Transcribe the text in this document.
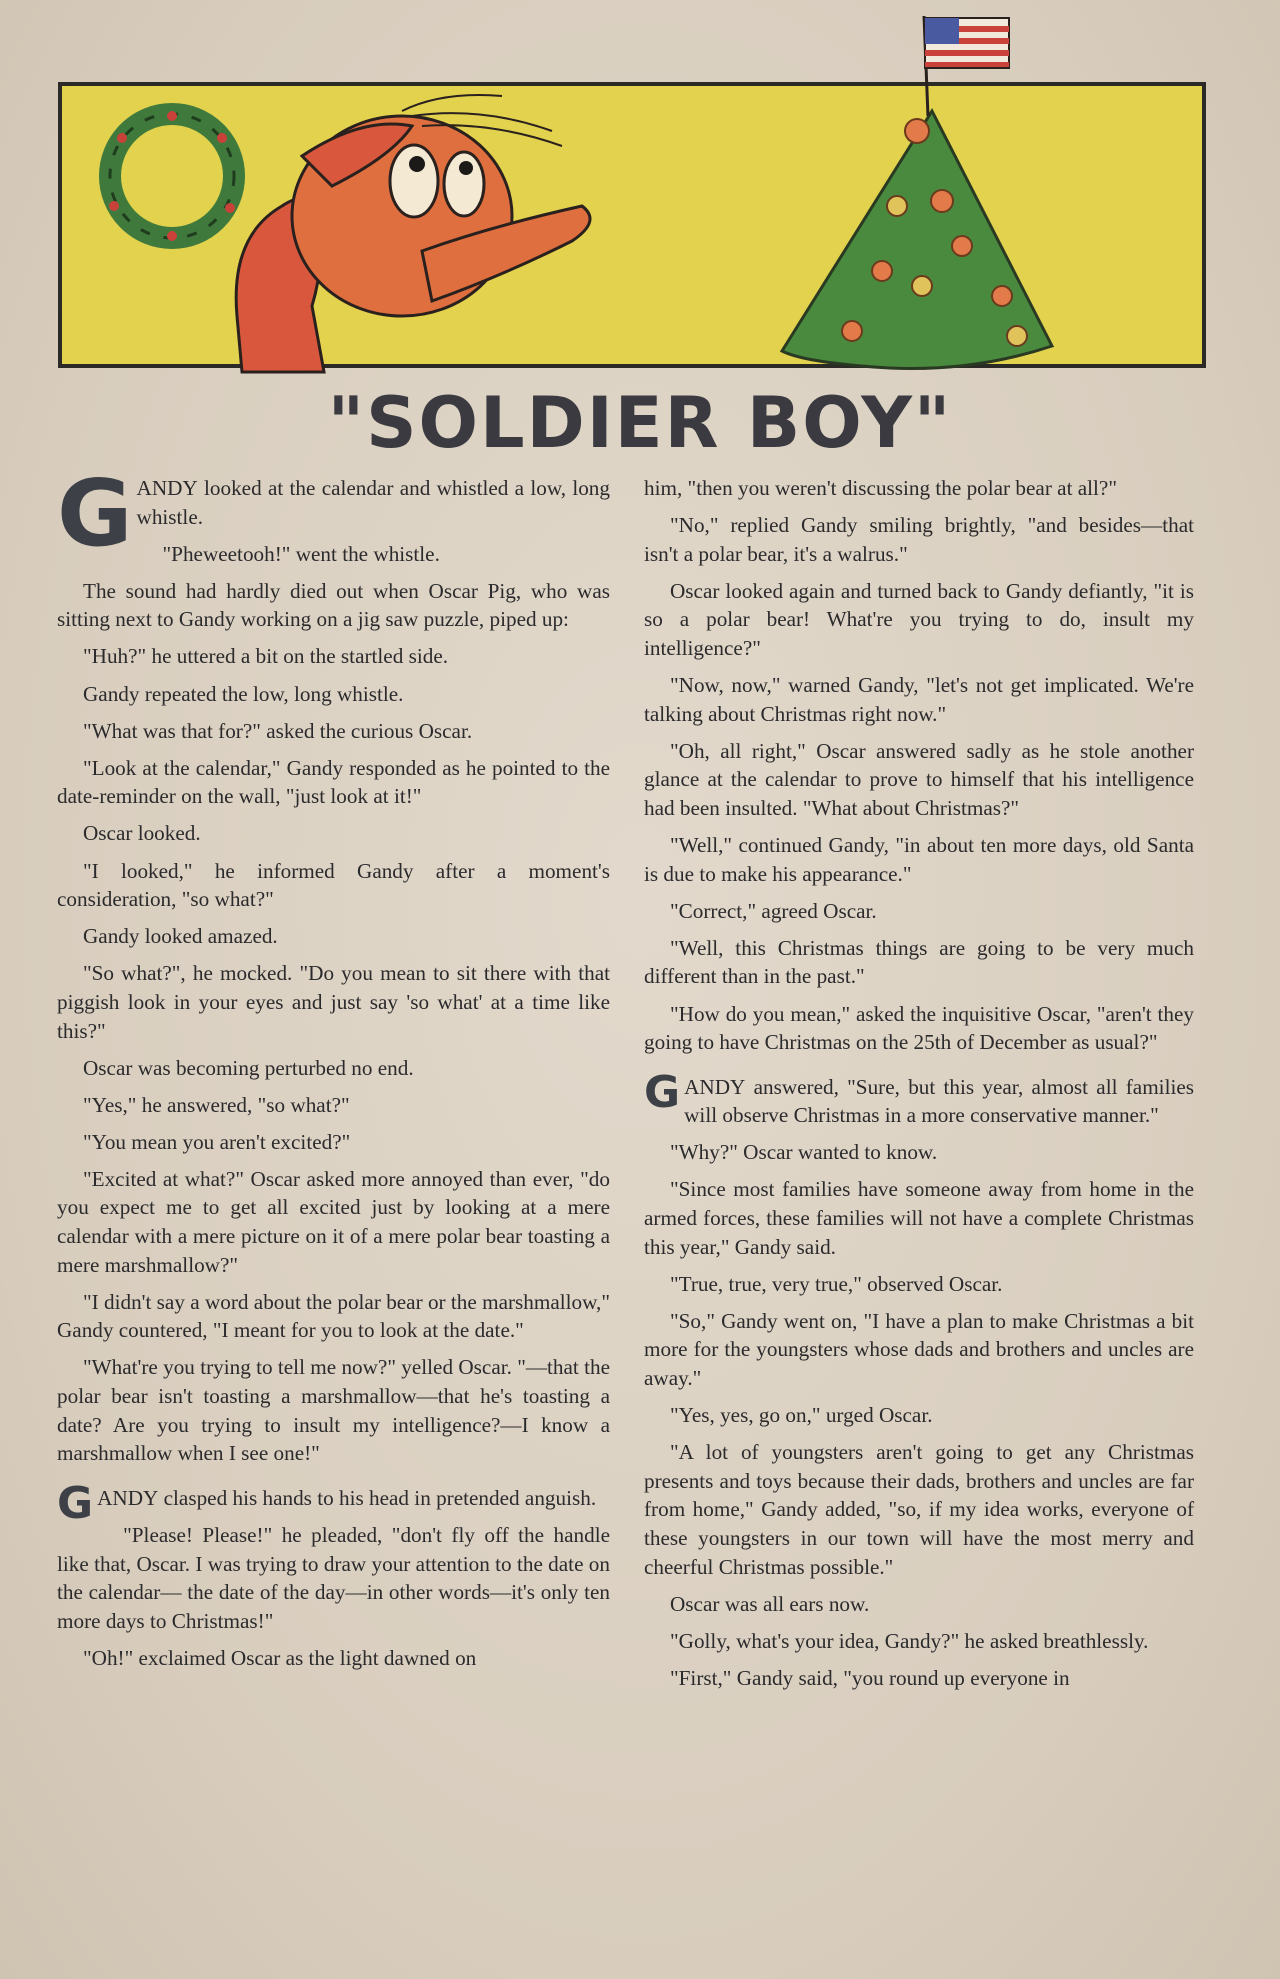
"SOLDIER BOY"

GANDY looked at the calendar and whistled a low, long whistle.

"Pheweetooh!" went the whistle.

The sound had hardly died out when Oscar Pig, who was sitting next to Gandy working on a jig saw puzzle, piped up:

"Huh?" he uttered a bit on the startled side.

Gandy repeated the low, long whistle.

"What was that for?" asked the curious Oscar.

"Look at the calendar," Gandy responded as he pointed to the date-reminder on the wall, "just look at it!"

Oscar looked.

"I looked," he informed Gandy after a moment's consideration, "so what?"

Gandy looked amazed.

"So what?", he mocked. "Do you mean to sit there with that piggish look in your eyes and just say 'so what' at a time like this?"

Oscar was becoming perturbed no end.

"Yes," he answered, "so what?"

"You mean you aren't excited?"

"Excited at what?" Oscar asked more annoyed than ever, "do you expect me to get all excited just by looking at a mere calendar with a mere picture on it of a mere polar bear toasting a mere marshmallow?"

"I didn't say a word about the polar bear or the marshmallow," Gandy countered, "I meant for you to look at the date."

"What're you trying to tell me now?" yelled Oscar. "—that the polar bear isn't toasting a marshmallow—that he's toasting a date? Are you trying to insult my intelligence?—I know a marshmallow when I see one!"

GANDY clasped his hands to his head in pretended anguish.

"Please! Please!" he pleaded, "don't fly off the handle like that, Oscar. I was trying to draw your attention to the date on the calendar— the date of the day—in other words—it's only ten more days to Christmas!"

"Oh!" exclaimed Oscar as the light dawned on

him, "then you weren't discussing the polar bear at all?"

"No," replied Gandy smiling brightly, "and besides—that isn't a polar bear, it's a walrus."

Oscar looked again and turned back to Gandy defiantly, "it is so a polar bear! What're you trying to do, insult my intelligence?"

"Now, now," warned Gandy, "let's not get implicated. We're talking about Christmas right now."

"Oh, all right," Oscar answered sadly as he stole another glance at the calendar to prove to himself that his intelligence had been insulted. "What about Christmas?"

"Well," continued Gandy, "in about ten more days, old Santa is due to make his appearance."

"Correct," agreed Oscar.

"Well, this Christmas things are going to be very much different than in the past."

"How do you mean," asked the inquisitive Oscar, "aren't they going to have Christmas on the 25th of December as usual?"

GANDY answered, "Sure, but this year, almost all families will observe Christmas in a more conservative manner."

"Why?" Oscar wanted to know.

"Since most families have someone away from home in the armed forces, these families will not have a complete Christmas this year," Gandy said.

"True, true, very true," observed Oscar.

"So," Gandy went on, "I have a plan to make Christmas a bit more for the youngsters whose dads and brothers and uncles are away."

"Yes, yes, go on," urged Oscar.

"A lot of youngsters aren't going to get any Christmas presents and toys because their dads, brothers and uncles are far from home," Gandy added, "so, if my idea works, everyone of these youngsters in our town will have the most merry and cheerful Christmas possible."

Oscar was all ears now.

"Golly, what's your idea, Gandy?" he asked breathlessly.

"First," Gandy said, "you round up everyone in
